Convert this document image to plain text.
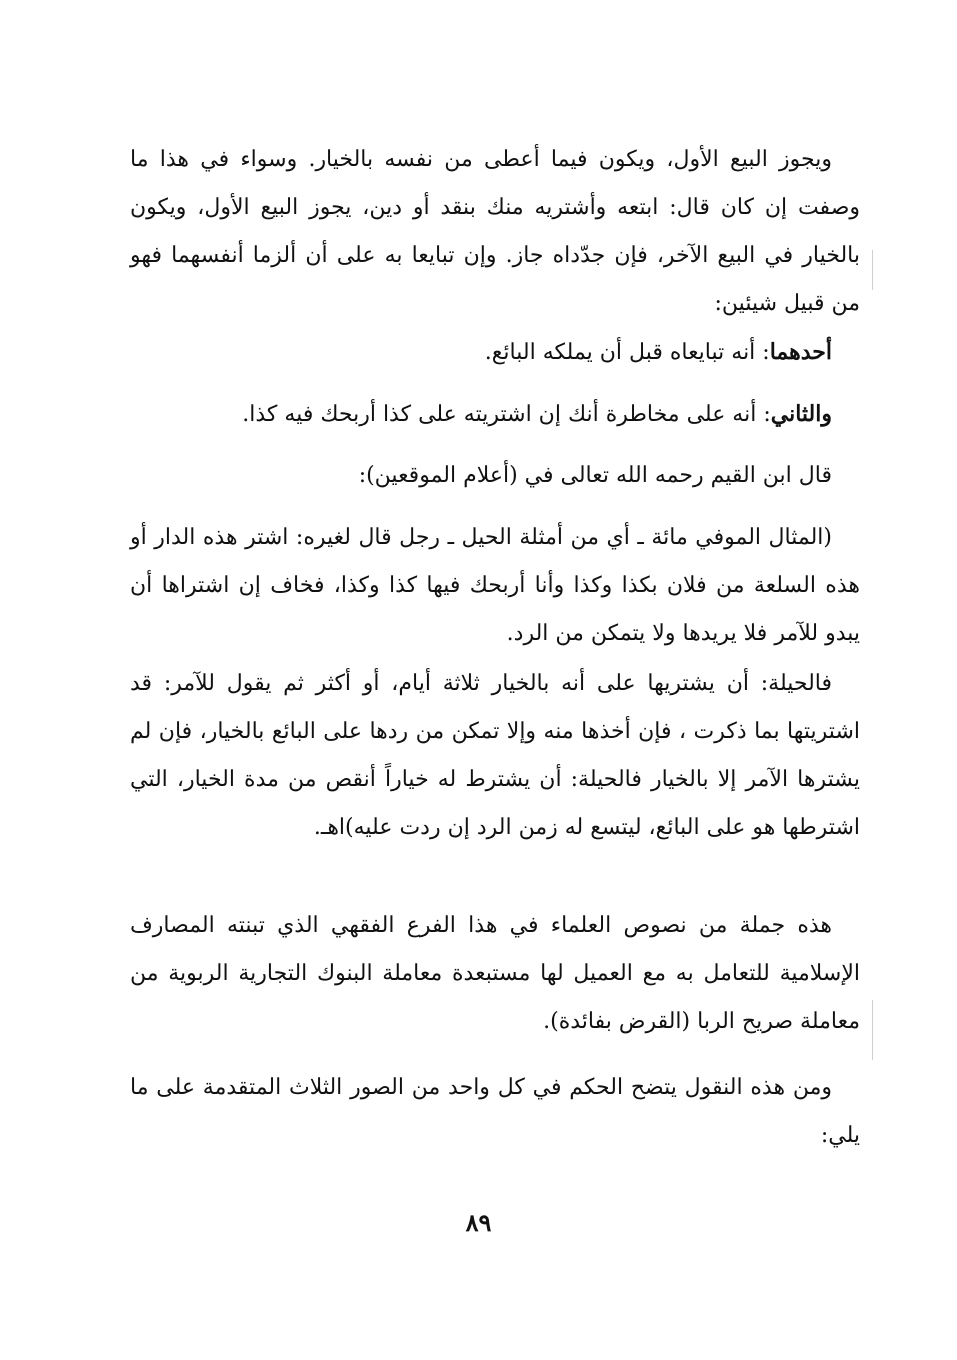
ويجوز البيع الأول، ويكون فيما أعطى من نفسه بالخيار. وسواء في هذا ما وصفت إن كان قال: ابتعه وأشتريه منك بنقد أو دين، يجوز البيع الأول، ويكون بالخيار في البيع الآخر، فإن جدّداه جاز. وإن تبايعا به على أن ألزما أنفسهما فهو من قبيل شيئين:

أحدهما: أنه تبايعاه قبل أن يملكه البائع.

والثاني: أنه على مخاطرة أنك إن اشتريته على كذا أربحك فيه كذا.

قال ابن القيم رحمه الله تعالى في (أعلام الموقعين):

(المثال الموفي مائة ـ أي من أمثلة الحيل ـ رجل قال لغيره: اشتر هذه الدار أو هذه السلعة من فلان بكذا وكذا وأنا أربحك فيها كذا وكذا، فخاف إن اشتراها أن يبدو للآمر فلا يريدها ولا يتمكن من الرد.

فالحيلة: أن يشتريها على أنه بالخيار ثلاثة أيام، أو أكثر ثم يقول للآمر: قد اشتريتها بما ذكرت ، فإن أخذها منه وإلا تمكن من ردها على البائع بالخيار، فإن لم يشترها الآمر إلا بالخيار فالحيلة: أن يشترط له خياراً أنقص من مدة الخيار، التي اشترطها هو على البائع، ليتسع له زمن الرد إن ردت عليه)اهـ.

هذه جملة من نصوص العلماء في هذا الفرع الفقهي الذي تبنته المصارف الإسلامية للتعامل به مع العميل لها مستبعدة معاملة البنوك التجارية الربوية من معاملة صريح الربا (القرض بفائدة).

ومن هذه النقول يتضح الحكم في كل واحد من الصور الثلاث المتقدمة على ما يلي:

٨٩
